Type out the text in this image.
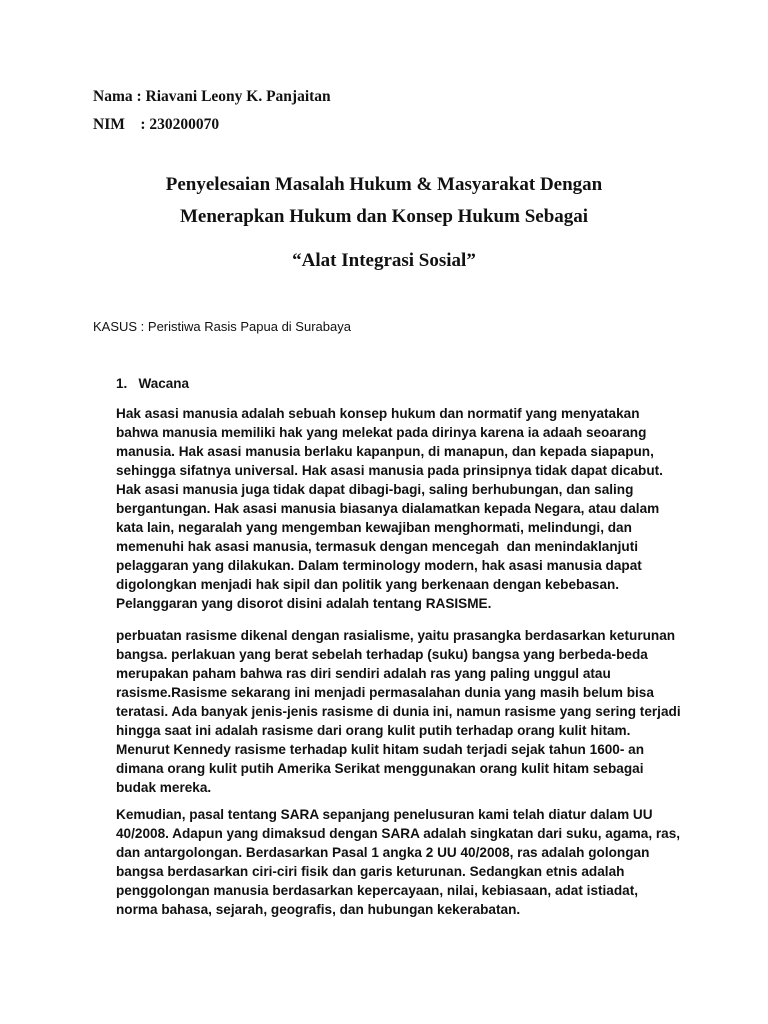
Nama : Riavani Leony K. Panjaitan
NIM    : 230200070
Penyelesaian Masalah Hukum & Masyarakat Dengan
Menerapkan Hukum dan Konsep Hukum Sebagai
“Alat Integrasi Sosial”
KASUS : Peristiwa Rasis Papua di Surabaya
1.   Wacana
Hak asasi manusia adalah sebuah konsep hukum dan normatif yang menyatakan
bahwa manusia memiliki hak yang melekat pada dirinya karena ia adaah seoarang
manusia. Hak asasi manusia berlaku kapanpun, di manapun, dan kepada siapapun,
sehingga sifatnya universal. Hak asasi manusia pada prinsipnya tidak dapat dicabut.
Hak asasi manusia juga tidak dapat dibagi-bagi, saling berhubungan, dan saling
bergantungan. Hak asasi manusia biasanya dialamatkan kepada Negara, atau dalam
kata lain, negaralah yang mengemban kewajiban menghormati, melindungi, dan
memenuhi hak asasi manusia, termasuk dengan mencegah  dan menindaklanjuti
pelaggaran yang dilakukan. Dalam terminology modern, hak asasi manusia dapat
digolongkan menjadi hak sipil dan politik yang berkenaan dengan kebebasan.
Pelanggaran yang disorot disini adalah tentang RASISME.
perbuatan rasisme dikenal dengan rasialisme, yaitu prasangka berdasarkan keturunan
bangsa. perlakuan yang berat sebelah terhadap (suku) bangsa yang berbeda-beda
merupakan paham bahwa ras diri sendiri adalah ras yang paling unggul atau
rasisme.Rasisme sekarang ini menjadi permasalahan dunia yang masih belum bisa
teratasi. Ada banyak jenis-jenis rasisme di dunia ini, namun rasisme yang sering terjadi
hingga saat ini adalah rasisme dari orang kulit putih terhadap orang kulit hitam.
Menurut Kennedy rasisme terhadap kulit hitam sudah terjadi sejak tahun 1600- an
dimana orang kulit putih Amerika Serikat menggunakan orang kulit hitam sebagai
budak mereka.
Kemudian, pasal tentang SARA sepanjang penelusuran kami telah diatur dalam UU
40/2008. Adapun yang dimaksud dengan SARA adalah singkatan dari suku, agama, ras,
dan antargolongan. Berdasarkan Pasal 1 angka 2 UU 40/2008, ras adalah golongan
bangsa berdasarkan ciri-ciri fisik dan garis keturunan. Sedangkan etnis adalah
penggolongan manusia berdasarkan kepercayaan, nilai, kebiasaan, adat istiadat,
norma bahasa, sejarah, geografis, dan hubungan kekerabatan.
